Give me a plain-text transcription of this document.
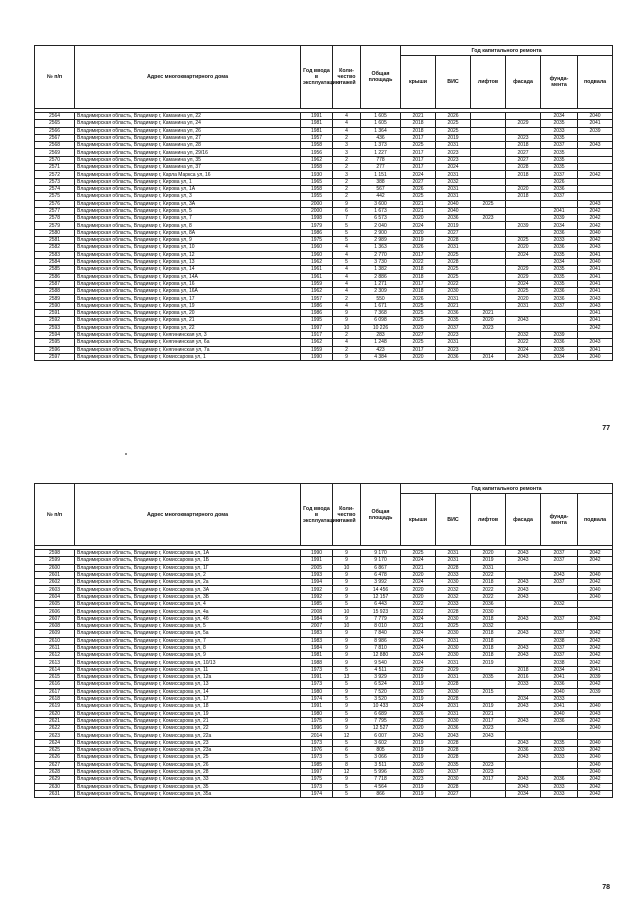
№ п/п	Адрес многоквартирного дома	Год ввода в эксплуатацию	Коли-чество этажей	Общая площадь	Год капитального ремонта					
					крыши	ВИС	лифтов	фасада	фунда-мента	подвала

2564	Владимирская область, Владимир г, Каманина ул, 22	1991	4	1 605	2021	2026			2034	2040
2565	Владимирская область, Владимир г, Каманина ул, 24	1981	4	1 605	2018	2025		2029	2035	2041
2566	Владимирская область, Владимир г, Каманина ул, 26	1981	4	1 364	2018	2025			2033	2039
2567	Владимирская область, Владимир г, Каманина ул, 27	1957	2	436	2017	2019		2023	2035	
2568	Владимирская область, Владимир г, Каманина ул, 28	1958	3	1 373	2025	2031		2018	2037	2043
2569	Владимирская область, Владимир г, Каманина ул, 29/16	1956	3	1 227	2017	2023		2027	2035	
2570	Владимирская область, Владимир г, Каманина ул, 35	1962	2	778	2017	2023		2027	2035	
2571	Владимирская область, Владимир г, Каманина ул, 37	1958	2	277	2017	2024		2028	2035	
2572	Владимирская область, Владимир г, Карла Маркса ул, 16	1930	3	1 151	2024	2031		2018	2037	2042
2573	Владимирская область, Владимир г, Кирова ул, 1	1965	2	388	2027	2032			2026	
2574	Владимирская область, Владимир г, Кирова ул, 1А	1958	2	567	2026	2031		2020	2036	
2575	Владимирская область, Владимир г, Кирова ул, 3	1955	2	442	2025	2031		2018	2037	
2576	Владимирская область, Владимир г, Кирова ул, 3А	2000	9	3 600	2021	2040	2025			2043
2577	Владимирская область, Владимир г, Кирова ул, 5	2000	6	1 673	2021	2040			2041	2042
2578	Владимирская область, Владимир г, Кирова ул, 7	1998	7	6 573	2020	2036	2023		2039	2042
2579	Владимирская область, Владимир г, Кирова ул, 8	1979	5	2 040	2024	2019		2039	2034	2042
2580	Владимирская область, Владимир г, Кирова ул, 8А	1986	5	2 900	2020	2027			2036	2040
2581	Владимирская область, Владимир г, Кирова ул, 9	1975	5	2 989	2019	2028		2025	2033	2042
2582	Владимирская область, Владимир г, Кирова ул, 10	1960	4	1 363	2026	2031		2020	2036	2043
2583	Владимирская область, Владимир г, Кирова ул, 12	1960	4	2 770	2017	2025		2024	2035	2041
2584	Владимирская область, Владимир г, Кирова ул, 13	1962	5	3 730	2022	2028			2034	2040
2585	Владимирская область, Владимир г, Кирова ул, 14	1961	4	1 382	2018	2025		2029	2035	2041
2586	Владимирская область, Владимир г, Кирова ул, 14А	1961	4	2 886	2018	2025		2029	2035	2041
2587	Владимирская область, Владимир г, Кирова ул, 16	1959	4	1 271	2017	2022		2024	2035	2041
2588	Владимирская область, Владимир г, Кирова ул, 16А	1962	4	2 309	2018	2030		2025	2036	2041
2589	Владимирская область, Владимир г, Кирова ул, 17	1957	2	550	2026	2031		2020	2036	2043
2590	Владимирская область, Владимир г, Кирова ул, 19	1986	4	1 671	2025	2021		2031	2037	2043
2591	Владимирская область, Владимир г, Кирова ул, 20	1986	9	7 368	2025	2036	2021			2041
2592	Владимирская область, Владимир г, Кирова ул, 21	1995	9	6 098	2025	2035	2020	2043		2041
2593	Владимирская область, Владимир г, Кирова ул, 22	1997	10	10 226	2020	2037	2023			2042
2594	Владимирская область, Владимир г, Княгининская ул, 3	1917	2	283	2027	2023		2032	2039	
2595	Владимирская область, Владимир г, Княгининская ул, 6а	1962	4	1 248	2025	2031		2022	2036	2043
2596	Владимирская область, Владимир г, Княгининская ул, 7а	1959	2	423	2017	2023		2024	2035	2041
2597	Владимирская область, Владимир г, Комиссарова ул, 1	1990	9	4 384	2020	2036	2014	2043	2034	2040
77
№ п/п	Адрес многоквартирного дома	Год ввода в эксплуатацию	Коли-чество этажей	Общая площадь	Год капитального ремонта					
					крыши	ВИС	лифтов	фасада	фунда-мента	подвала

2598	Владимирская область, Владимир г, Комиссарова ул, 1А	1990	9	9 170	2025	2031	2020	2043	2037	2042
2599	Владимирская область, Владимир г, Комиссарова ул, 1Б	1991	9	9 170	2024	2031	2019	2043	2037	2042
2600	Владимирская область, Владимир г, Комиссарова ул, 1Г	2005	10	6 867	2021	2028	2031			
2601	Владимирская область, Владимир г, Комиссарова ул, 2	1993	9	6 478	2020	2033	2022		2043	2040
2602	Владимирская область, Владимир г, Комиссарова ул, 2а	1994	9	3 992	2024	2030	2018	2043	2037	2042
2603	Владимирская область, Владимир г, Комиссарова ул, 3А	1992	9	14 456	2020	2032	2022	2043		2040
2604	Владимирская область, Владимир г, Комиссарова ул, 3Б	1992	9	12 157	2020	2032	2022	2043		2040
2605	Владимирская область, Владимир г, Комиссарова ул, 4	1985	5	6 443	2022	2033	2036		2032	
2606	Владимирская область, Владимир г, Комиссарова ул, 4а	2008	10	15 923	2022	2028	2030			
2607	Владимирская область, Владимир г, Комиссарова ул, 4б	1984	9	7 779	2024	2030	2018	2043	2037	2042
2608	Владимирская область, Владимир г, Комиссарова ул, 5	2007	10	8 010	2021	2025	2032			
2609	Владимирская область, Владимир г, Комиссарова ул, 5а	1983	9	7 840	2024	2030	2018	2043	2037	2042
2610	Владимирская область, Владимир г, Комиссарова ул, 7	1983	9	8 986	2024	2031	2018		2038	2042
2611	Владимирская область, Владимир г, Комиссарова ул, 8	1984	9	7 810	2024	2030	2018	2043	2037	2042
2612	Владимирская область, Владимир г, Комиссарова ул, 9	1981	9	12 880	2024	2030	2018	2043	2037	2042
2613	Владимирская область, Владимир г, Комиссарова ул, 10/13	1988	9	9 540	2024	2031	2019		2038	2042
2614	Владимирская область, Владимир г, Комиссарова ул, 11	1973	5	4 511	2022	2029		2018	2034	2041
2615	Владимирская область, Владимир г, Комиссарова ул, 12а	1991	13	3 929	2019	2031	2035	2016	2041	2039
2616	Владимирская область, Владимир г, Комиссарова ул, 13	1973	5	6 524	2019	2028		2033	2036	2042
2617	Владимирская область, Владимир г, Комиссарова ул, 14	1980	9	7 520	2020	2030	2015		2040	2039
2618	Владимирская область, Владимир г, Комиссарова ул, 17	1974	5	3 520	2019	2028		2034	2033	
2619	Владимирская область, Владимир г, Комиссарова ул, 18	1991	9	10 433	2024	2031	2019	2043	2041	2040
2620	Владимирская область, Владимир г, Комиссарова ул, 19	1980	5	6 689	2026	2031	2021		2040	2043
2621	Владимирская область, Владимир г, Комиссарова ул, 21	1975	9	7 795	2023	2030	2017	2043	2036	2042
2622	Владимирская область, Владимир г, Комиссарова ул, 22	1996	9	12 527	2020	2036	2023			2040
2623	Владимирская область, Владимир г, Комиссарова ул, 22а	2014	12	6 007	2043	2043	2043			
2624	Владимирская область, Владимир г, Комиссарова ул, 23	1973	5	3 602	2019	2028		2043	2035	2040
2625	Владимирская область, Владимир г, Комиссарова ул, 23а	1976	6	805	2019	2028		2036	2033	2042
2626	Владимирская область, Владимир г, Комиссарова ул, 25	1973	5	3 066	2019	2028		2043	2033	2040
2627	Владимирская область, Владимир г, Комиссарова ул, 26	1985	8	3 511	2020	2035	2023			2040
2628	Владимирская область, Владимир г, Комиссарова ул, 28	1997	12	5 996	2020	2037	2023			2040
2629	Владимирская область, Владимир г, Комиссарова ул, 33	1975	9	7 718	2023	2030	2017	2043	2036	2042
2630	Владимирская область, Владимир г, Комиссарова ул, 35	1973	5	4 564	2019	2028		2043	2033	2042
2631	Владимирская область, Владимир г, Комиссарова ул, 35а	1974	5	866	2019	2027		2034	2033	2042
78
